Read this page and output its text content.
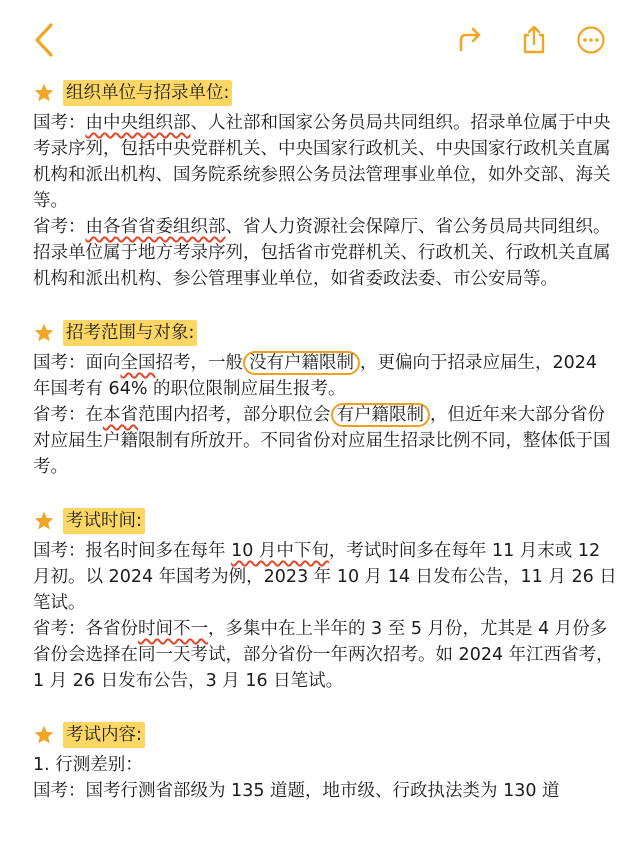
组织单位与招录单位:

国考：由中央组织部、人社部和国家公务员局共同组织。招录单位属于中央考录序列，包括中央党群机关、中央国家行政机关、中央国家行政机关直属机构和派出机构、国务院系统参照公务员法管理事业单位，如外交部、海关等。

省考：由各省省委组织部、省人力资源社会保障厅、省公务员局共同组织。招录单位属于地方考录序列，包括省市党群机关、行政机关、行政机关直属机构和派出机构、参公管理事业单位，如省委政法委、市公安局等。

招考范围与对象:

国考：面向全国招考，一般 没有户籍限制 ，更偏向于招录应届生，2024 年国考有 64% 的职位限制应届生报考。

省考：在本省范围内招考，部分职位会 有户籍限制 ，但近年来大部分省份对应届生户籍限制有所放开。不同省份对应届生招录比例不同，整体低于国考。

考试时间:

国考：报名时间多在每年 10 月中下旬，考试时间多在每年 11 月末或 12 月初。以 2024 年国考为例，2023 年 10 月 14 日发布公告，11 月 26 日笔试。

省考：各省份时间不一，多集中在上半年的 3 至 5 月份，尤其是 4 月份多省份会选择在同一天考试，部分省份一年两次招考。如 2024 年江西省考，1 月 26 日发布公告，3 月 16 日笔试。

考试内容:

1. 行测差别：

国考：国考行测省部级为 135 道题，地市级、行政执法类为 130 道
